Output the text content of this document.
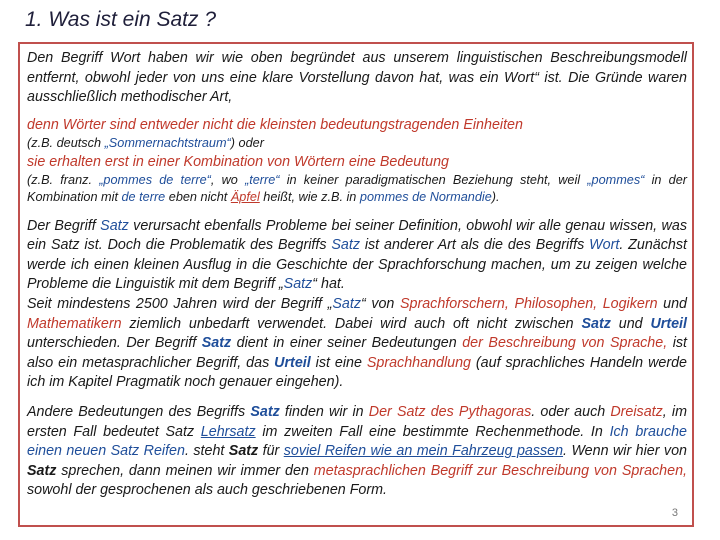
1. Was ist ein Satz ?

Den Begriff Wort haben wir wie oben begründet aus unserem linguistischen Beschreibungsmodell entfernt, obwohl jeder von uns eine klare Vorstellung davon hat, was ein Wort“ ist. Die Gründe waren ausschließlich methodischer Art,

denn Wörter sind entweder nicht die kleinsten bedeutungstragenden Einheiten

(z.B. deutsch „Sommernachtstraum“) oder

sie erhalten erst in einer Kombination von Wörtern eine Bedeutung

(z.B. franz. „pommes de terre“, wo „terre“ in keiner paradigmatischen Beziehung steht, weil „pommes“ in der Kombination mit de terre eben nicht Äpfel heißt, wie z.B. in pommes de Normandie).

Der Begriff Satz verursacht ebenfalls Probleme bei seiner Definition, obwohl wir alle genau wissen, was ein Satz ist. Doch die Problematik des Begriffs Satz ist anderer Art als die des Begriffs Wort. Zunächst werde ich einen kleinen Ausflug in die Geschichte der Sprachforschung machen, um zu zeigen welche Probleme die Linguistik mit dem Begriff „Satz“ hat.

Seit mindestens 2500 Jahren wird der Begriff „Satz“ von Sprachforschern, Philosophen, Logikern und Mathematikern ziemlich unbedarft verwendet. Dabei wird auch oft nicht zwischen Satz und Urteil unterschieden. Der Begriff Satz dient in einer seiner Bedeutungen der Beschreibung von Sprache, ist also ein metasprachlicher Begriff, das Urteil ist eine Sprachhandlung (auf sprachliches Handeln werde ich im Kapitel Pragmatik noch genauer eingehen).

Andere Bedeutungen des Begriffs Satz finden wir in Der Satz des Pythagoras. oder auch Dreisatz, im ersten Fall bedeutet Satz Lehrsatz im zweiten Fall eine bestimmte Rechenmethode. In Ich brauche einen neuen Satz Reifen. steht Satz für soviel Reifen wie an mein Fahrzeug passen. Wenn wir hier von Satz sprechen, dann meinen wir immer den metasprachlichen Begriff zur Beschreibung von Sprachen, sowohl der gesprochenen als auch geschriebenen Form.

3
